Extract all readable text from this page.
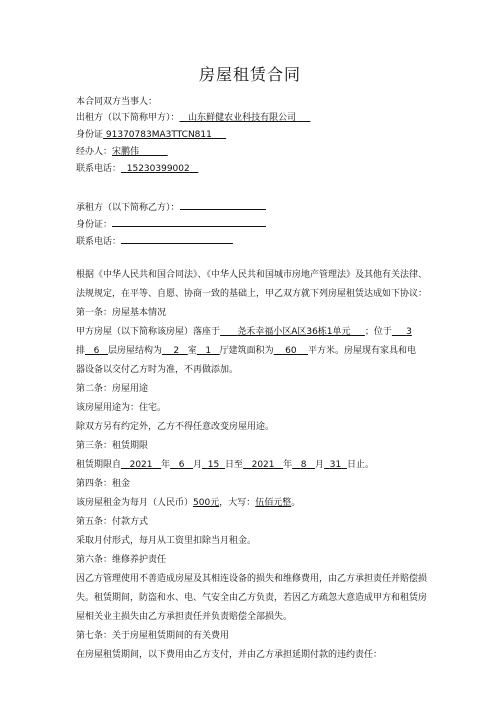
房屋租赁合同
本合同双方当事人：
出租方（以下简称甲方）： 山东鲜健农业科技有限公司
身份证 91370783MA3TTCN811
经办人：宋鹏伟
联系电话： 15230399002
承租方（以下简称乙方）：
身份证：
联系电话：
根据《中华人民共和国合同法》、《中华人民共和国城市房地产管理法》及其他有关法律、
法规规定，在平等、自愿、协商一致的基础上，甲乙双方就下列房屋租赁达成如下协议：
第一条：房屋基本情况
甲方房屋（以下简称该房屋）落座于 尧禾幸福小区A区36栋1单元 ；位于 3
排 6 层房屋结构为 2 室 1 厅建筑面积为 60 平方米。房屋现有家具和电
器设备以交付乙方时为准，不再做添加。
第二条：房屋用途
该房屋用途为：住宅。
除双方另有约定外，乙方不得任意改变房屋用途。
第三条：租赁期限
租赁期限自 2021 年 6 月 15 日至 2021 年 8 月 31 日止。
第四条：租金
该房屋租金为每月（人民币）500元，大写：伍佰元整。
第五条：付款方式
采取月付形式，每月从工资里扣除当月租金。
第六条：维修养护责任
因乙方管理使用不善造成房屋及其相连设备的损失和维修费用，由乙方承担责任并赔偿损
失。租赁期间，防盗和水、电、气安全由乙方负责，若因乙方疏忽大意造成甲方和租赁房
屋相关业主损失由乙方承担责任并负责赔偿全部损失。
第七条：关于房屋租赁期间的有关费用
在房屋租赁期间，以下费用由乙方支付，并由乙方承担延期付款的违约责任：
